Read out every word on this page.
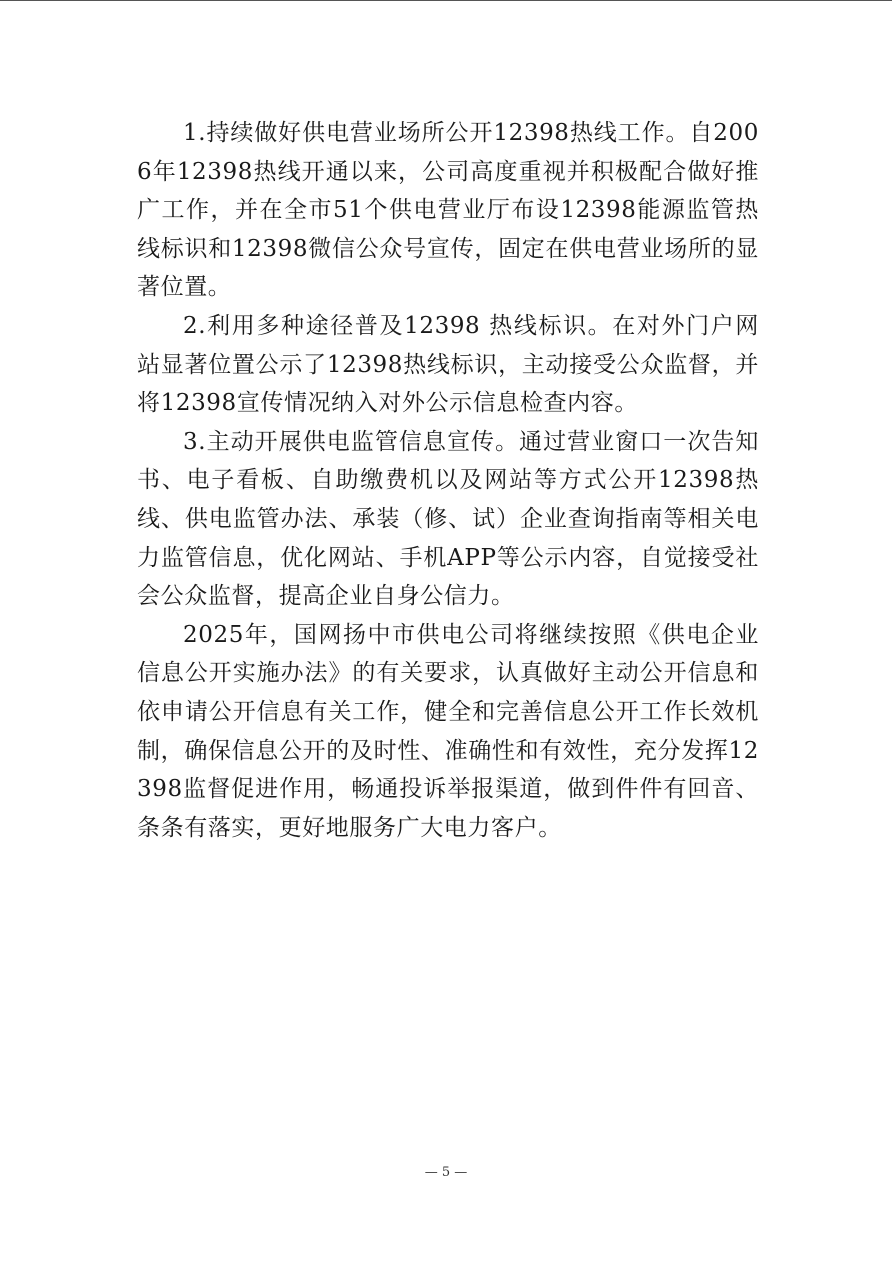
1.持续做好供电营业场所公开12398热线工作。自2006年12398热线开通以来，公司高度重视并积极配合做好推广工作，并在全市51个供电营业厅布设12398能源监管热线标识和12398微信公众号宣传，固定在供电营业场所的显著位置。

2.利用多种途径普及12398 热线标识。在对外门户网站显著位置公示了12398热线标识，主动接受公众监督，并将12398宣传情况纳入对外公示信息检查内容。

3.主动开展供电监管信息宣传。通过营业窗口一次告知书、电子看板、自助缴费机以及网站等方式公开12398热线、供电监管办法、承装（修、试）企业查询指南等相关电力监管信息，优化网站、手机APP等公示内容，自觉接受社会公众监督，提高企业自身公信力。

2025年，国网扬中市供电公司将继续按照《供电企业信息公开实施办法》的有关要求，认真做好主动公开信息和依申请公开信息有关工作，健全和完善信息公开工作长效机制，确保信息公开的及时性、准确性和有效性，充分发挥12398监督促进作用，畅通投诉举报渠道，做到件件有回音、条条有落实，更好地服务广大电力客户。

— 5 —
